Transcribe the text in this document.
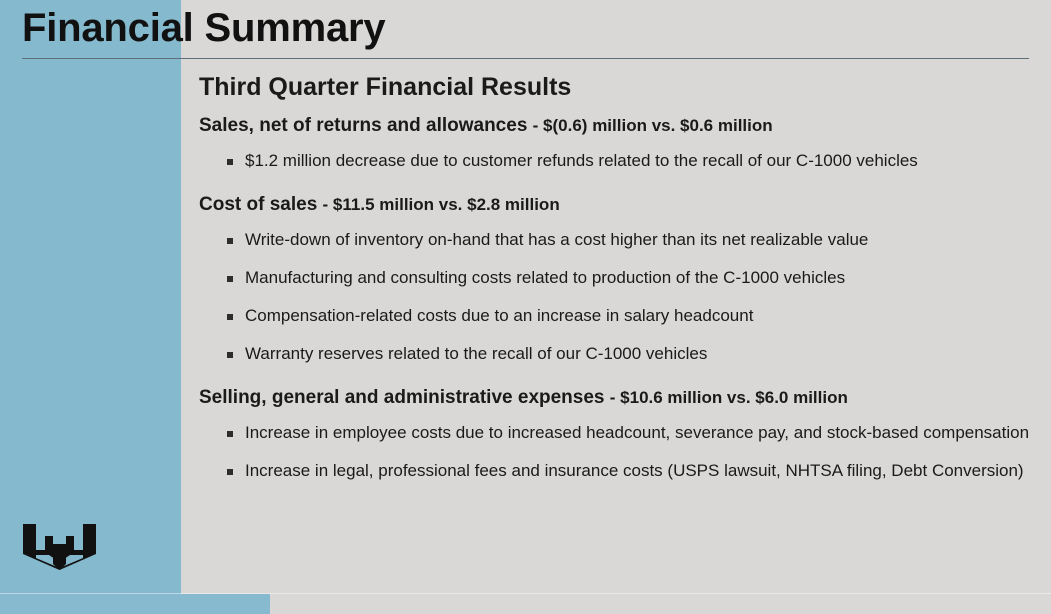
Financial Summary
Third Quarter Financial Results
Sales, net of returns and allowances - $(0.6) million vs. $0.6 million
$1.2 million decrease due to customer refunds related to the recall of our C-1000 vehicles
Cost of sales - $11.5 million vs. $2.8 million
Write-down of inventory on-hand that has a cost higher than its net realizable value
Manufacturing and consulting costs related to production of the C-1000 vehicles
Compensation-related costs due to an increase in salary headcount
Warranty reserves related to the recall of our C-1000 vehicles
Selling, general and administrative expenses - $10.6 million vs. $6.0 million
Increase in employee costs due to increased headcount, severance pay, and stock-based compensation
Increase in legal, professional fees and insurance costs (USPS lawsuit, NHTSA filing, Debt Conversion)
